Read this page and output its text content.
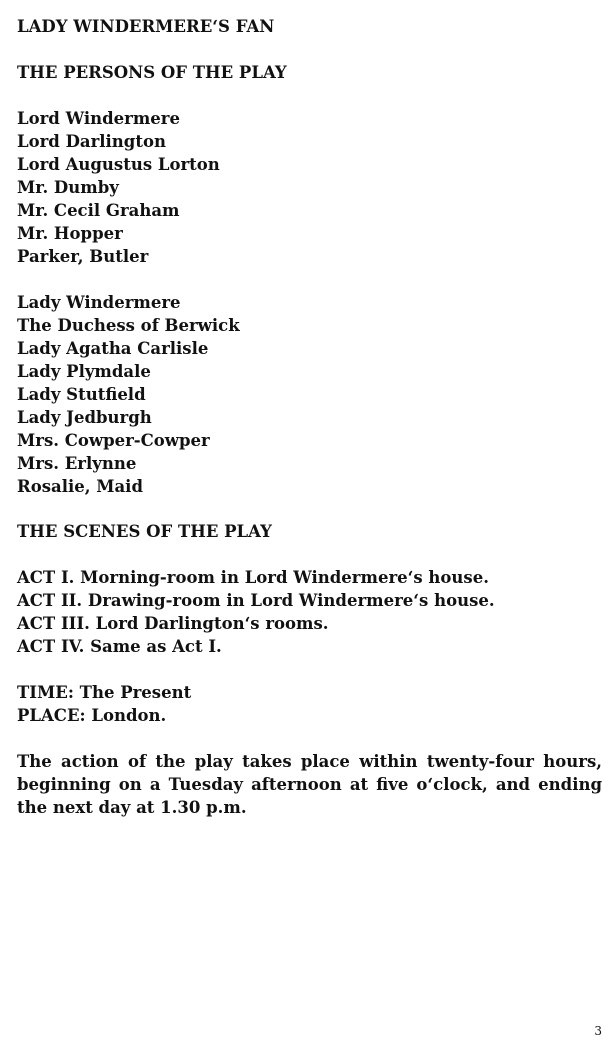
LADY WINDERMERE‘S FAN
THE PERSONS OF THE PLAY
Lord Windermere
Lord Darlington
Lord Augustus Lorton
Mr. Dumby
Mr. Cecil Graham
Mr. Hopper
Parker, Butler
Lady Windermere
The Duchess of Berwick
Lady Agatha Carlisle
Lady Plymdale
Lady Stutfield
Lady Jedburgh
Mrs. Cowper-Cowper
Mrs. Erlynne
Rosalie, Maid
THE SCENES OF THE PLAY
ACT I. Morning-room in Lord Windermere‘s house.
ACT II. Drawing-room in Lord Windermere‘s house.
ACT III. Lord Darlington‘s rooms.
ACT IV. Same as Act I.
TIME: The Present
PLACE: London.

The action of the play takes place within twenty-four hours, beginning on a Tuesday afternoon at five o‘clock, and ending the next day at 1.30 p.m.

3
